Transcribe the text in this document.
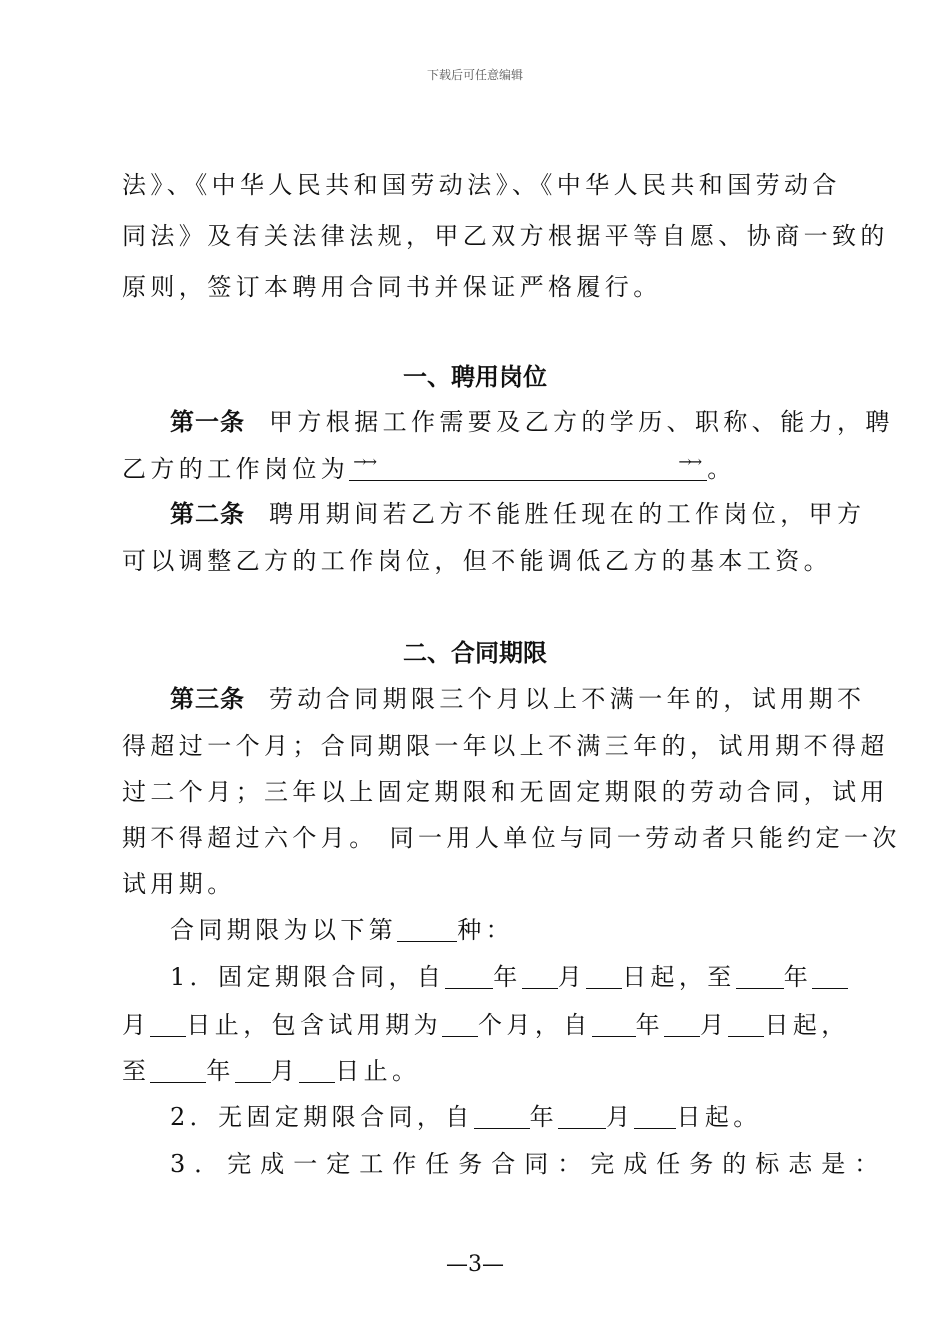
下载后可任意编辑
法》、《中华人民共和国劳动法》、《中华人民共和国劳动合
同法》及有关法律法规，甲乙双方根据平等自愿、协商一致的
原则，签订本聘用合同书并保证严格履行。
一、聘用岗位
第一条 甲方根据工作需要及乙方的学历、职称、能力，聘
乙方的工作岗位为 →→	→→ 。
第二条 聘用期间若乙方不能胜任现在的工作岗位，甲方
可以调整乙方的工作岗位，但不能调低乙方的基本工资。
二、合同期限
第三条 劳动合同期限三个月以上不满一年的，试用期不
得超过一个月；合同期限一年以上不满三年的，试用期不得超
过二个月；三年以上固定期限和无固定期限的劳动合同，试用
期不得超过六个月。 同一用人单位与同一劳动者只能约定一次
试用期。
合同期限为以下第	种：
1．固定期限合同，自 年 月 日起，至 年
月 日止，包含试用期为 个月，自 年 月 日起，
至 年 月 日止。
2．无固定期限合同，自 年 月 日起。
3．完成一定工作任务合同：完成任务的标志是：
—3—
